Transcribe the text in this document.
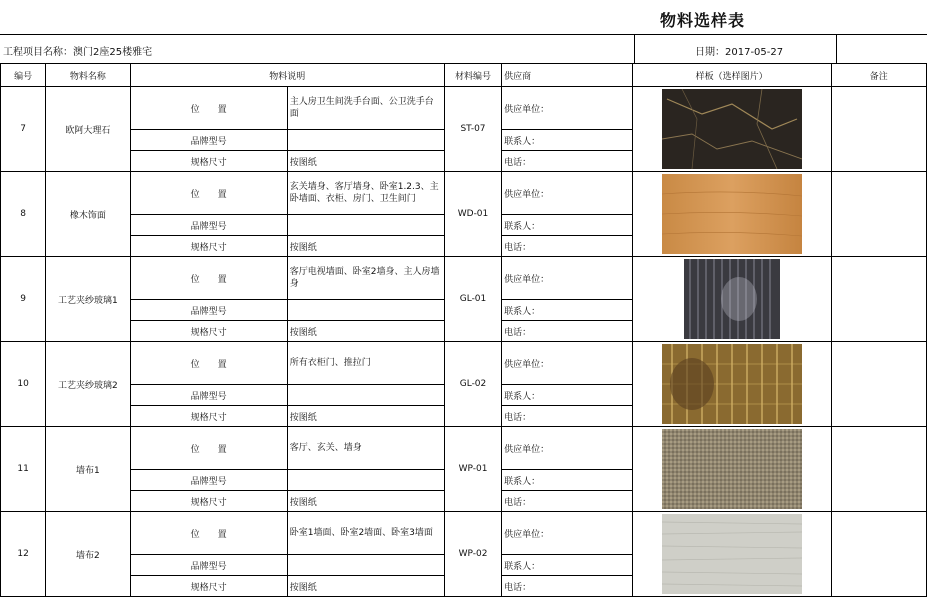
物料选样表
工程项目名称：澳门2座25楼雅宅	日期：2017-05-27
编号	物料名称	物料说明		材料编号	供应商	样板（选样图片）	备注
7	欧阿大理石	位　　置	主人房卫生间洗手台面、公卫洗手台面	ST-07	供应单位：	

		品牌型号			联系人：		
		规格尺寸	按图纸		电话：		
8	橡木饰面	位　　置	玄关墙身、客厅墙身、卧室1.2.3、主卧墙面、衣柜、房门、卫生间门	WD-01	供应单位：	

		品牌型号			联系人：		
		规格尺寸	按图纸		电话：		
9	工艺夹纱玻璃1	位　　置	客厅电视墙面、卧室2墙身、主人房墙身	GL-01	供应单位：	

		品牌型号			联系人：		
		规格尺寸	按图纸		电话：		
10	工艺夹纱玻璃2	位　　置	所有衣柜门、推拉门	GL-02	供应单位：	

		品牌型号			联系人：		
		规格尺寸	按图纸		电话：		
11	墙布1	位　　置	客厅、玄关、墙身	WP-01	供应单位：	

		品牌型号			联系人：		
		规格尺寸	按图纸		电话：		
12	墙布2	位　　置	卧室1墙面、卧室2墙面、卧室3墙面	WP-02	供应单位：	

		品牌型号			联系人：		
		规格尺寸	按图纸		电话：		
